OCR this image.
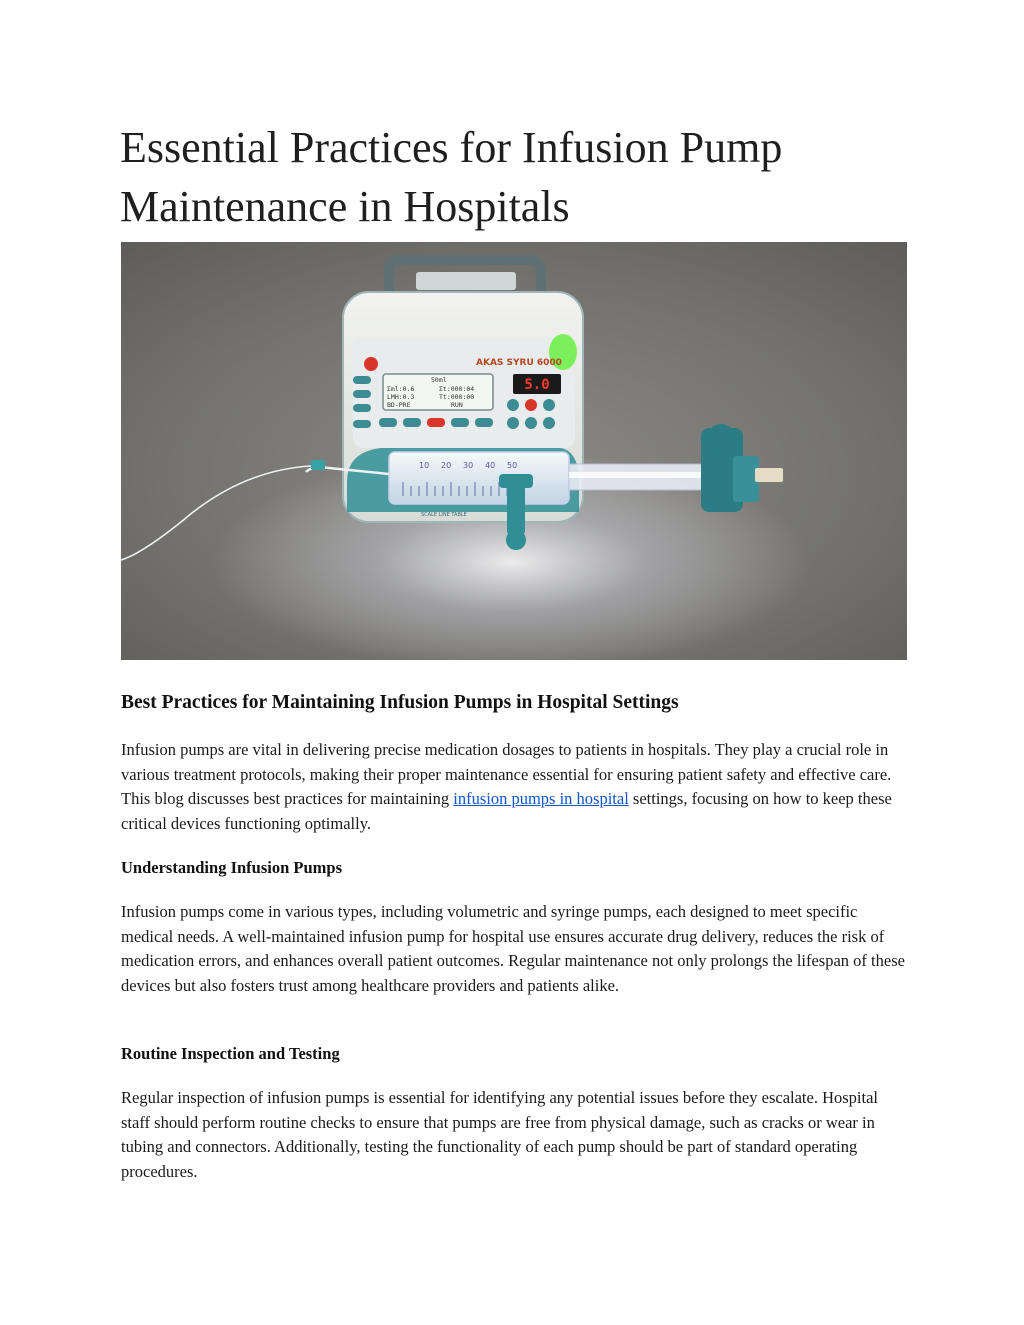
Essential Practices for Infusion Pump Maintenance in Hospitals
AKAS SYRU 6000
50ml
Σml:0.6	Σt:000:04
LMH:0.3	Tt:000:00
BD-PRE	RUN
5.0
10 20 30 40 50
SCALE LINE TABLE
Best Practices for Maintaining Infusion Pumps in Hospital Settings

Infusion pumps are vital in delivering precise medication dosages to patients in hospitals. They play a crucial role in various treatment protocols, making their proper maintenance essential for ensuring patient safety and effective care. This blog discusses best practices for maintaining infusion pumps in hospital settings, focusing on how to keep these critical devices functioning optimally.

Understanding Infusion Pumps

Infusion pumps come in various types, including volumetric and syringe pumps, each designed to meet specific medical needs. A well-maintained infusion pump for hospital use ensures accurate drug delivery, reduces the risk of medication errors, and enhances overall patient outcomes. Regular maintenance not only prolongs the lifespan of these devices but also fosters trust among healthcare providers and patients alike.

Routine Inspection and Testing

Regular inspection of infusion pumps is essential for identifying any potential issues before they escalate. Hospital staff should perform routine checks to ensure that pumps are free from physical damage, such as cracks or wear in tubing and connectors. Additionally, testing the functionality of each pump should be part of standard operating procedures.
